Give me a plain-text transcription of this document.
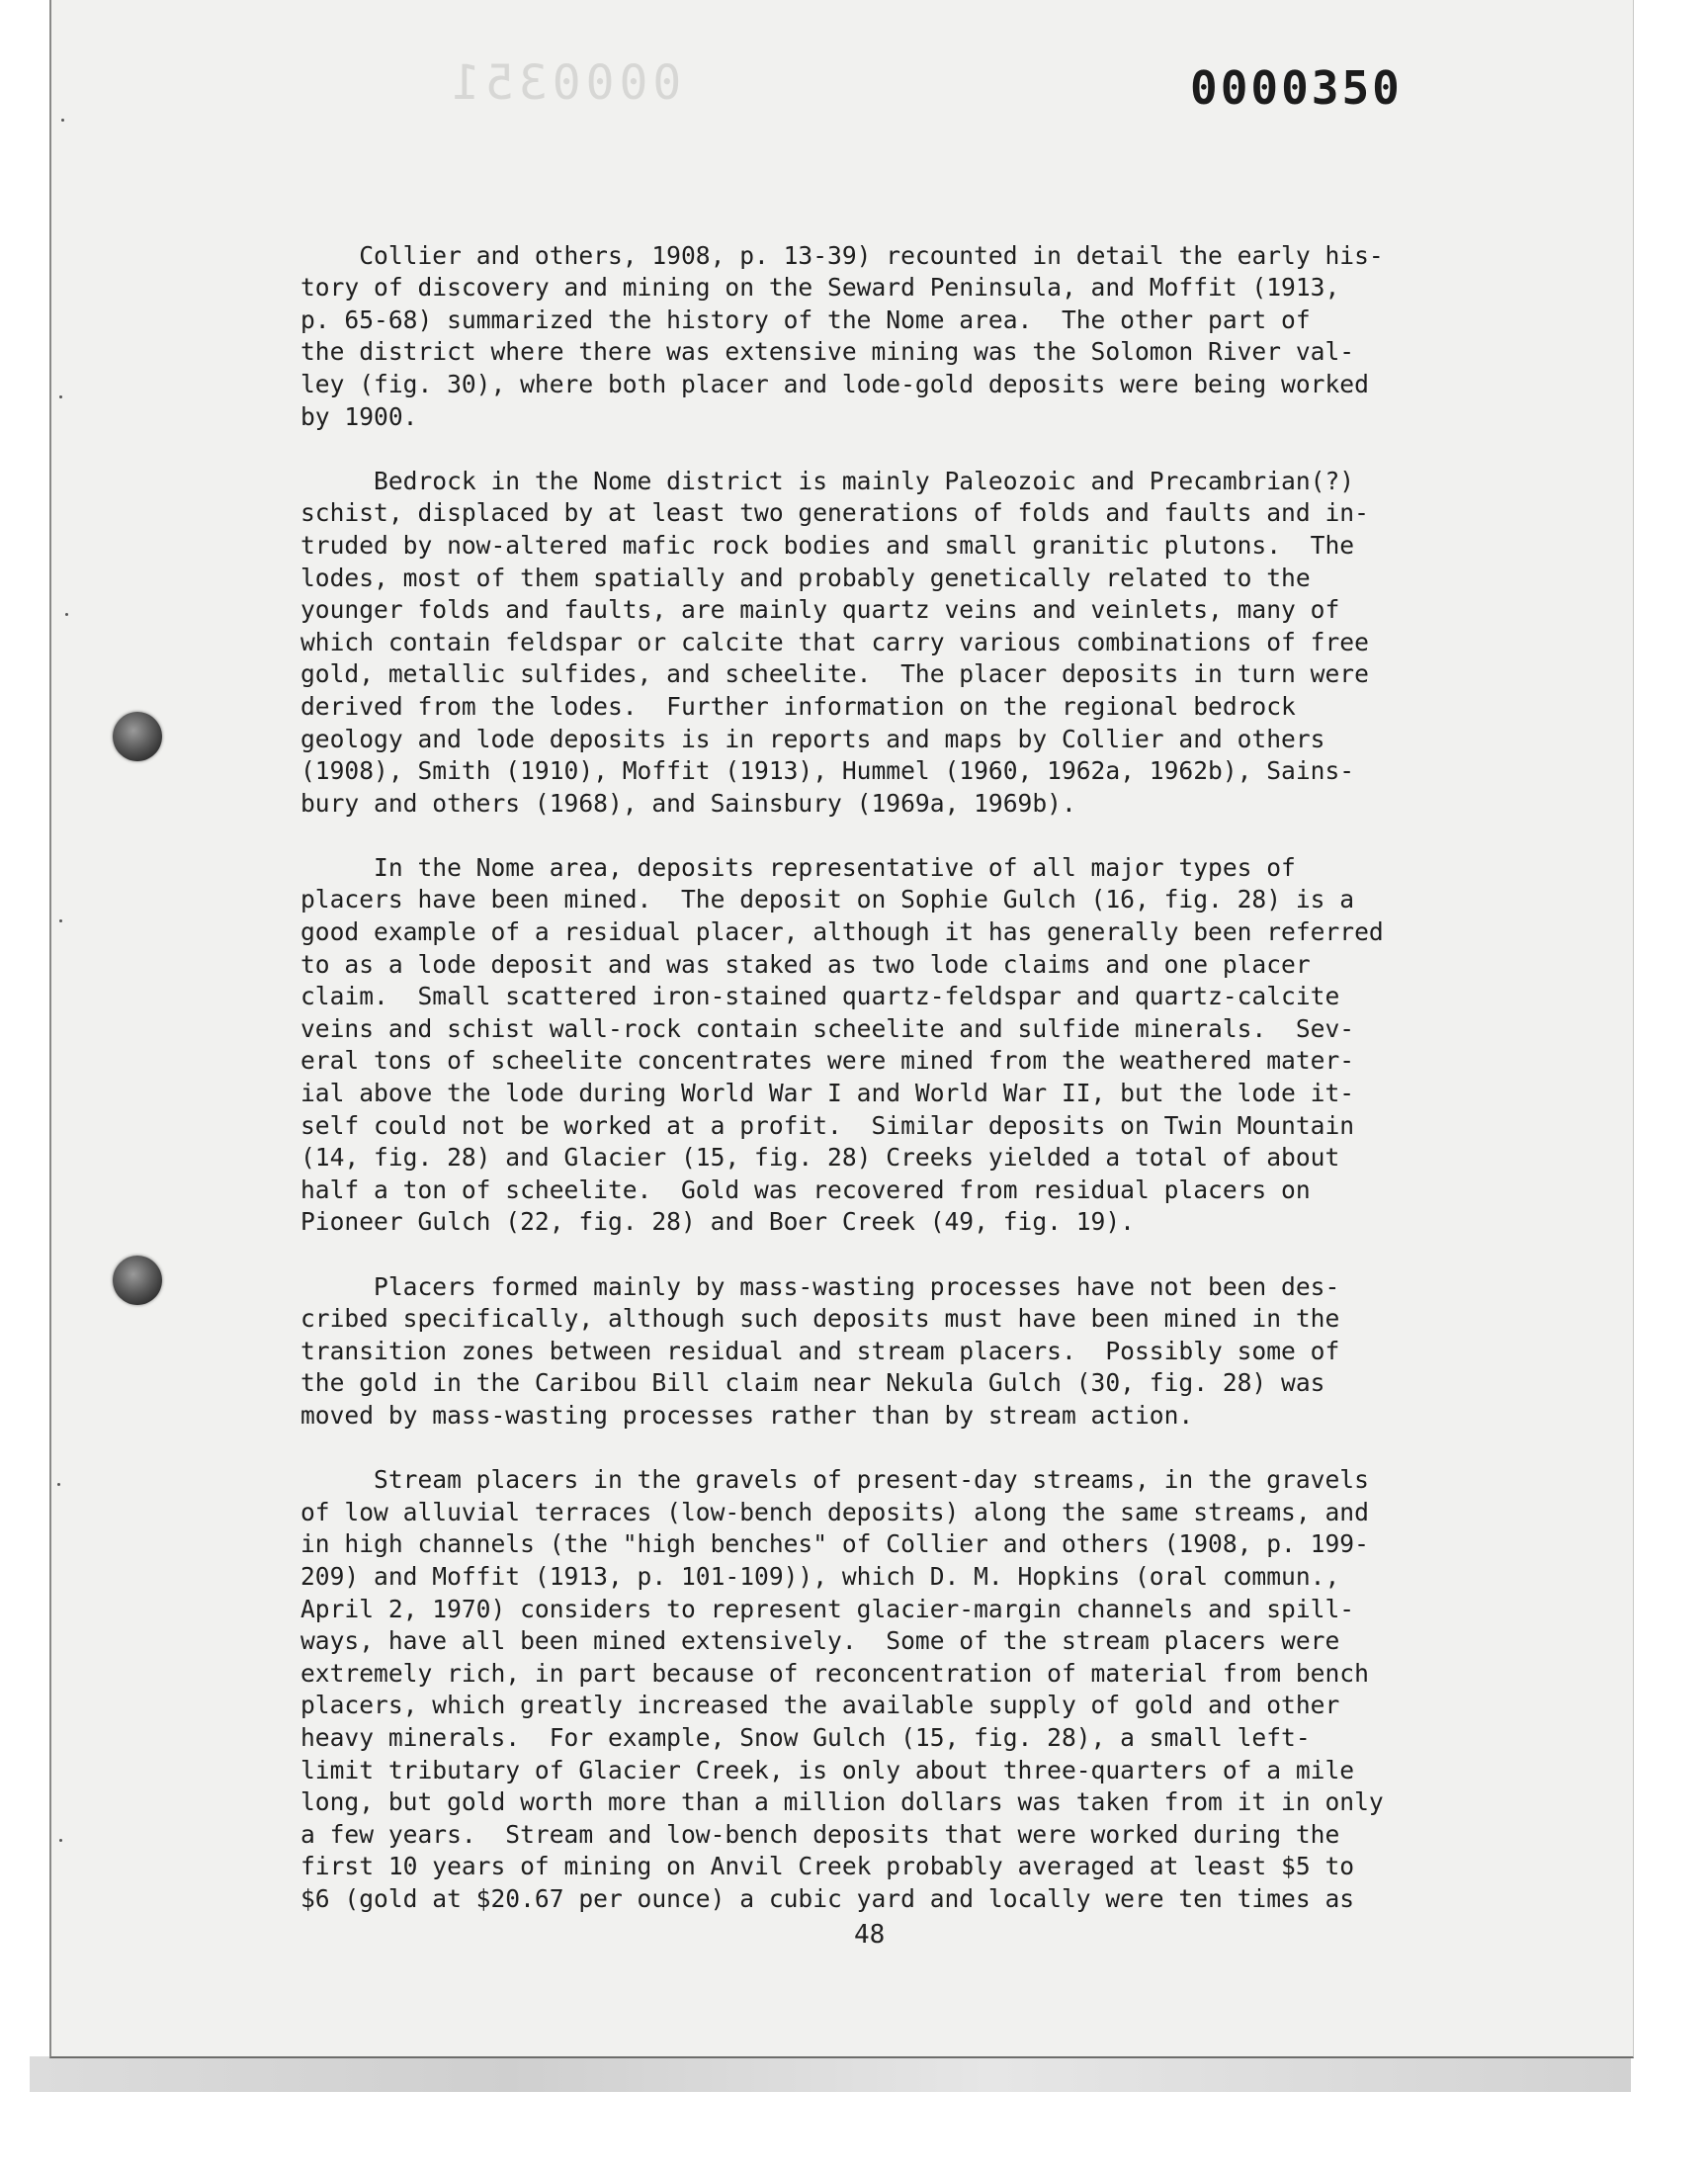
0000351	0000350

Collier and others, 1908, p. 13-39) recounted in detail the early his-
tory of discovery and mining on the Seward Peninsula, and Moffit (1913,
p. 65-68) summarized the history of the Nome area.  The other part of
the district where there was extensive mining was the Solomon River val-
ley (fig. 30), where both placer and lode-gold deposits were being worked
by 1900.

Bedrock in the Nome district is mainly Paleozoic and Precambrian(?)
schist, displaced by at least two generations of folds and faults and in-
truded by now-altered mafic rock bodies and small granitic plutons.  The
lodes, most of them spatially and probably genetically related to the
younger folds and faults, are mainly quartz veins and veinlets, many of
which contain feldspar or calcite that carry various combinations of free
gold, metallic sulfides, and scheelite.  The placer deposits in turn were
derived from the lodes.  Further information on the regional bedrock
geology and lode deposits is in reports and maps by Collier and others
(1908), Smith (1910), Moffit (1913), Hummel (1960, 1962a, 1962b), Sains-
bury and others (1968), and Sainsbury (1969a, 1969b).

In the Nome area, deposits representative of all major types of
placers have been mined.  The deposit on Sophie Gulch (16, fig. 28) is a
good example of a residual placer, although it has generally been referred
to as a lode deposit and was staked as two lode claims and one placer
claim.  Small scattered iron-stained quartz-feldspar and quartz-calcite
veins and schist wall-rock contain scheelite and sulfide minerals.  Sev-
eral tons of scheelite concentrates were mined from the weathered mater-
ial above the lode during World War I and World War II, but the lode it-
self could not be worked at a profit.  Similar deposits on Twin Mountain
(14, fig. 28) and Glacier (15, fig. 28) Creeks yielded a total of about
half a ton of scheelite.  Gold was recovered from residual placers on
Pioneer Gulch (22, fig. 28) and Boer Creek (49, fig. 19).

Placers formed mainly by mass-wasting processes have not been des-
cribed specifically, although such deposits must have been mined in the
transition zones between residual and stream placers.  Possibly some of
the gold in the Caribou Bill claim near Nekula Gulch (30, fig. 28) was
moved by mass-wasting processes rather than by stream action.

Stream placers in the gravels of present-day streams, in the gravels
of low alluvial terraces (low-bench deposits) along the same streams, and
in high channels (the "high benches" of Collier and others (1908, p. 199-
209) and Moffit (1913, p. 101-109)), which D. M. Hopkins (oral commun.,
April 2, 1970) considers to represent glacier-margin channels and spill-
ways, have all been mined extensively.  Some of the stream placers were
extremely rich, in part because of reconcentration of material from bench
placers, which greatly increased the available supply of gold and other
heavy minerals.  For example, Snow Gulch (15, fig. 28), a small left-
limit tributary of Glacier Creek, is only about three-quarters of a mile
long, but gold worth more than a million dollars was taken from it in only
a few years.  Stream and low-bench deposits that were worked during the
first 10 years of mining on Anvil Creek probably averaged at least $5 to
$6 (gold at $20.67 per ounce) a cubic yard and locally were ten times as

48
